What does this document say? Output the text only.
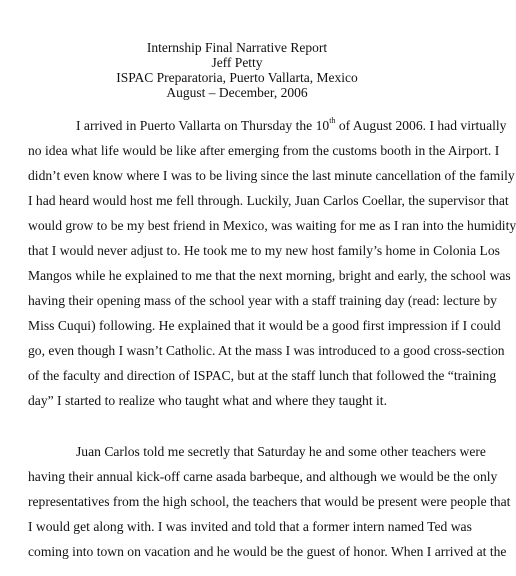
Internship Final Narrative Report
Jeff Petty
ISPAC Preparatoria, Puerto Vallarta, Mexico
August – December, 2006
I arrived in Puerto Vallarta on Thursday the 10th of August 2006. I had virtually
no idea what life would be like after emerging from the customs booth in the Airport. I
didn’t even know where I was to be living since the last minute cancellation of the family
I had heard would host me fell through. Luckily, Juan Carlos Coellar, the supervisor that
would grow to be my best friend in Mexico, was waiting for me as I ran into the humidity
that I would never adjust to. He took me to my new host family’s home in Colonia Los
Mangos while he explained to me that the next morning, bright and early, the school was
having their opening mass of the school year with a staff training day (read: lecture by
Miss Cuqui) following. He explained that it would be a good first impression if I could
go, even though I wasn’t Catholic. At the mass I was introduced to a good cross-section
of the faculty and direction of ISPAC, but at the staff lunch that followed the “training
day” I started to realize who taught what and where they taught it.
Juan Carlos told me secretly that Saturday he and some other teachers were
having their annual kick-off carne asada barbeque, and although we would be the only
representatives from the high school, the teachers that would be present were people that
I would get along with. I was invited and told that a former intern named Ted was
coming into town on vacation and he would be the guest of honor. When I arrived at the
